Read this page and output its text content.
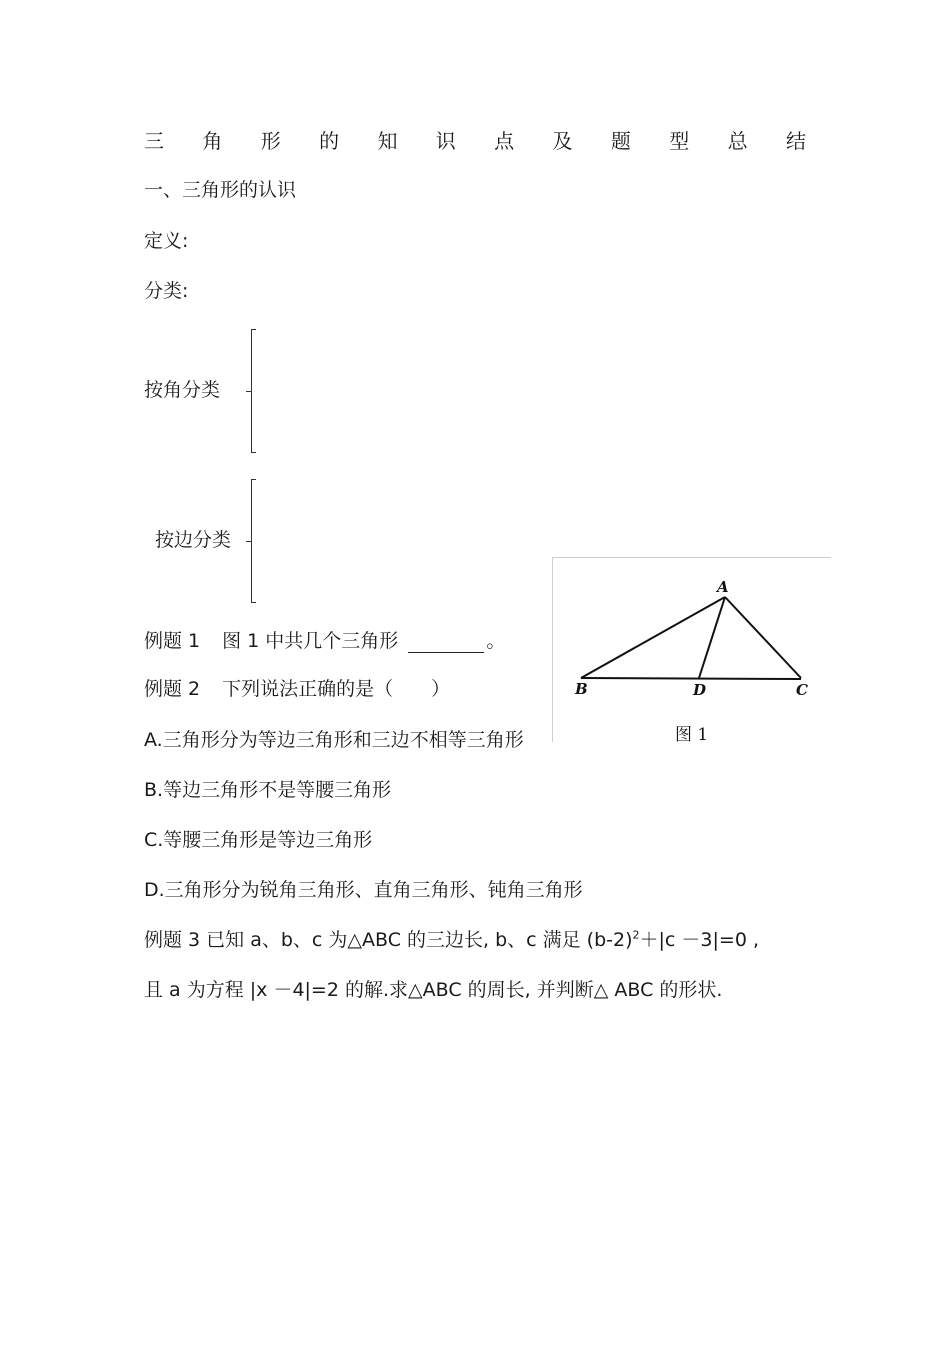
三 角 形 的 知 识 点 及 题 型 总 结
一、三角形的认识
定义:
分类:
按角分类
按边分类
例题 1 图 1 中共几个三角形	。
例题 2 下列说法正确的是（　　）
A.三角形分为等边三角形和三边不相等三角形
B.等边三角形不是等腰三角形
C.等腰三角形是等边三角形
D.三角形分为锐角三角形、直角三角形、钝角三角形
例题 3 已知 a、b、c 为△ABC 的三边长, b、c 满足 $(b-2)^2+|c -3|=0$ ,
且 a 为方程 |x －4|=2 的解.求△ABC 的周长, 并判断△ ABC 的形状.
A
B	D	C
图 1
